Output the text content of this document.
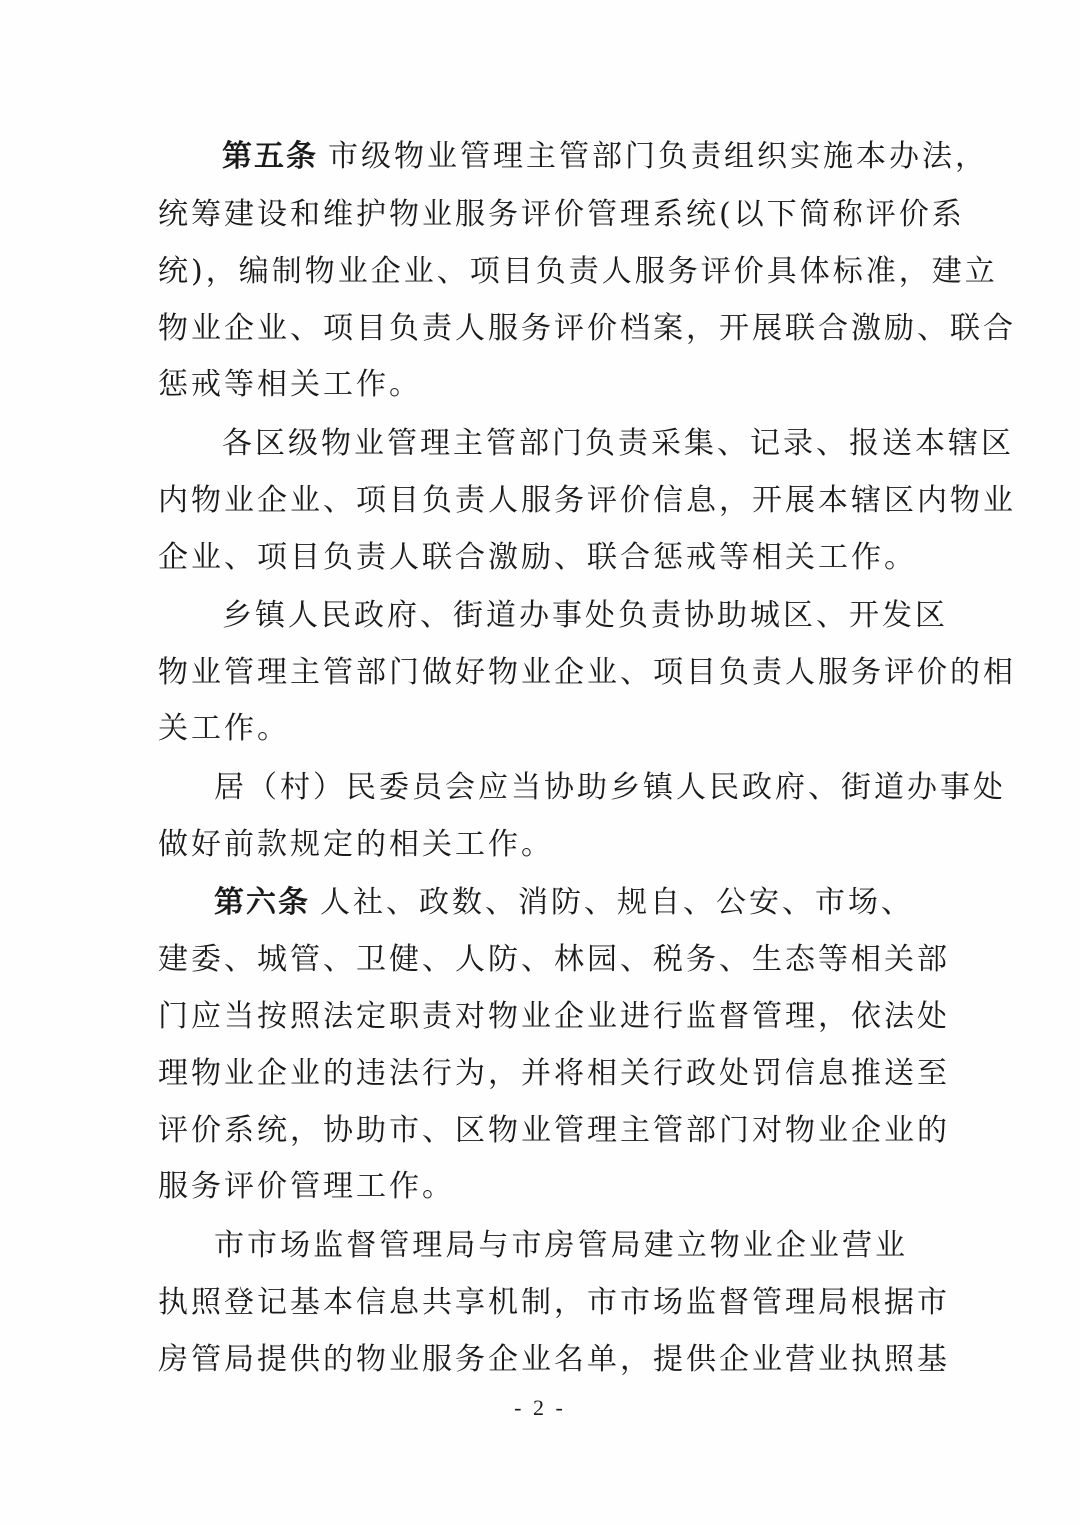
第五条 市级物业管理主管部门负责组织实施本办法，
统筹建设和维护物业服务评价管理系统(以下简称评价系
统)，编制物业企业、项目负责人服务评价具体标准，建立
物业企业、项目负责人服务评价档案，开展联合激励、联合
惩戒等相关工作。
各区级物业管理主管部门负责采集、记录、报送本辖区
内物业企业、项目负责人服务评价信息，开展本辖区内物业
企业、项目负责人联合激励、联合惩戒等相关工作。
乡镇人民政府、街道办事处负责协助城区、开发区
物业管理主管部门做好物业企业、项目负责人服务评价的相
关工作。
居（村）民委员会应当协助乡镇人民政府、街道办事处
做好前款规定的相关工作。
第六条 人社、政数、消防、规自、公安、市场、
建委、城管、卫健、人防、林园、税务、生态等相关部
门应当按照法定职责对物业企业进行监督管理，依法处
理物业企业的违法行为，并将相关行政处罚信息推送至
评价系统，协助市、区物业管理主管部门对物业企业的
服务评价管理工作。
市市场监督管理局与市房管局建立物业企业营业
执照登记基本信息共享机制，市市场监督管理局根据市
房管局提供的物业服务企业名单，提供企业营业执照基
- 2 -
